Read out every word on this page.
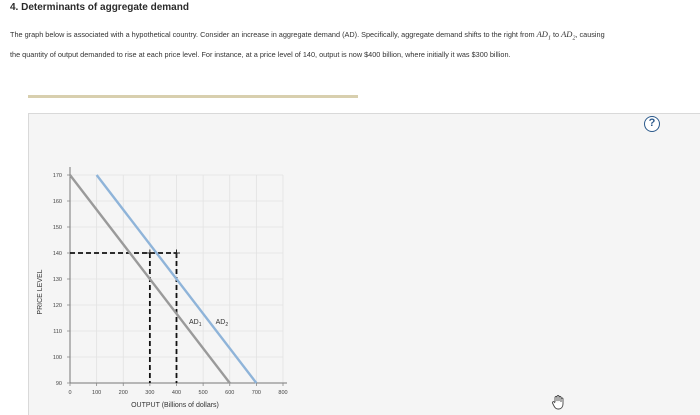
4. Determinants of aggregate demand
The graph below is associated with a hypothetical country. Consider an increase in aggregate demand (AD). Specifically, aggregate demand shifts to the right from $AD_1$ to $AD_2$, causing the quantity of output demanded to rise at each price level. For instance, at a price level of 140, output is now $400 billion, where initially it was $300 billion.
?
0	100	200	300	400	500	600	700	800
90
100
110
120
130
140
150
160
170
$AD_1$ $AD_2$
PRICE LEVEL
OUTPUT (Billions of dollars)
